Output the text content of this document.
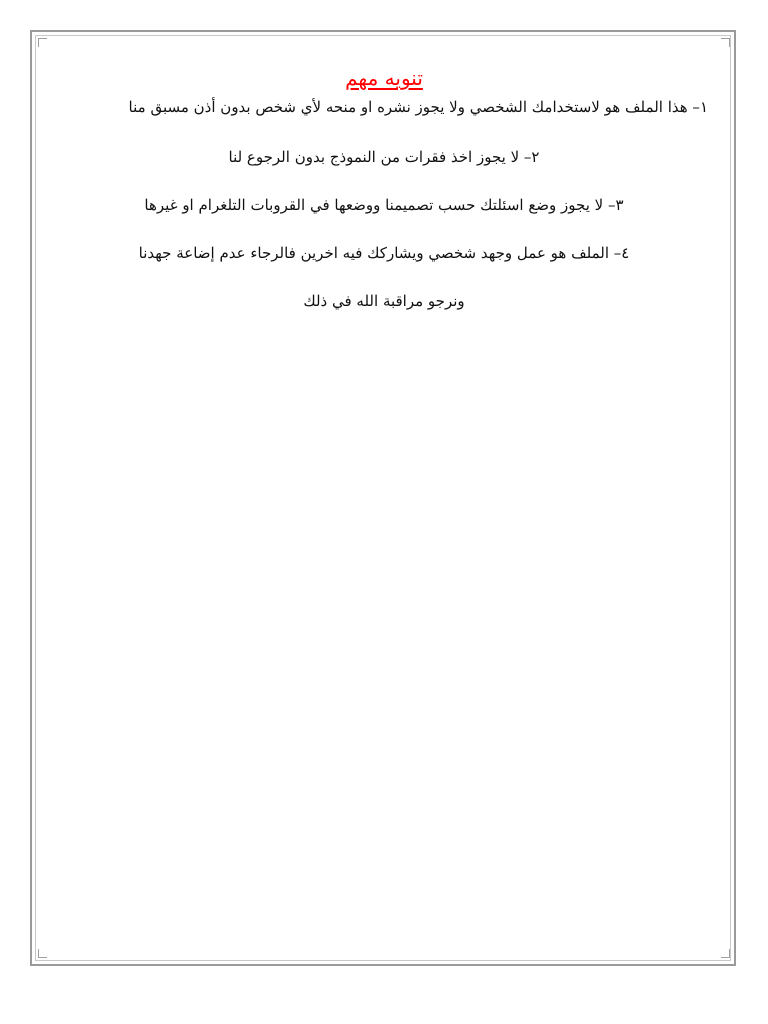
تنويه مهم

١– هذا الملف هو لاستخدامك الشخصي ولا يجوز نشره او منحه لأي شخص بدون أذن مسبق منا

٢– لا يجوز اخذ فقرات من النموذج بدون الرجوع لنا

٣– لا يجوز وضع اسئلتك حسب تصميمنا ووضعها في القروبات التلغرام او غيرها

٤– الملف هو عمل وجهد شخصي ويشاركك فيه اخرين فالرجاء عدم إضاعة جهدنا

ونرجو مراقبة الله في ذلك
